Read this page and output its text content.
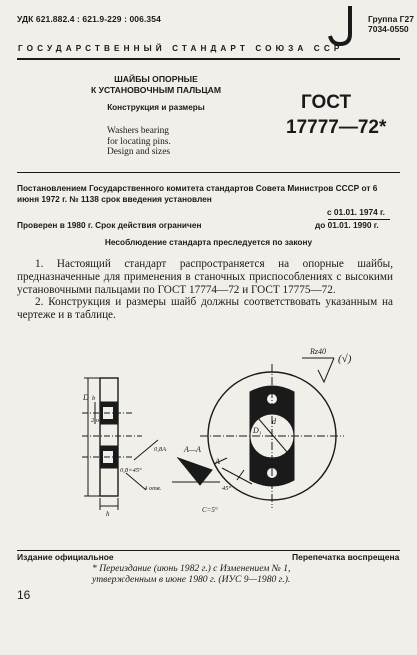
УДК 621.882.4 : 621.9-229 : 006.354	Группа Г27
7034-0550
ГОСУДАРСТВЕННЫЙ СТАНДАРТ СОЮЗА ССР
ШАЙБЫ ОПОРНЫЕ
К УСТАНОВОЧНЫМ ПАЛЬЦАМ
Конструкция и размеры
Washers bearing
for locating pins.
Design and sizes
ГОСТ
17777—72*
Постановлением Государственного комитета стандартов Совета Министров СССР от 6 июня 1972 г. № 1138 срок введения установлен
с 01.01. 1974 г.
Проверен в 1980 г. Срок действия ограничен	до 01.01. 1990 г.
Несоблюдение стандарта преследуется по закону

1. Настоящий стандарт распространяется на опорные шайбы, предназначенные для применения в станочных приспособлениях с высокими установочными пальцами по ГОСТ 17774—72 и ГОСТ 17775—72.

2. Конструкция и размеры шайб должны соответствовать указанным на чертеже и в таблице.

Rz40
(√)
D b
2 отв.
h
0,8A
0,8×45°
4 отв.
C=5°
А
А—А
D₁
d
45°
Издание официальное	Перепечатка воспрещена
* Переиздание (июнь 1982 г.) с Изменением № 1,
утвержденным в июне 1980 г. (ИУС 9—1980 г.).
16
